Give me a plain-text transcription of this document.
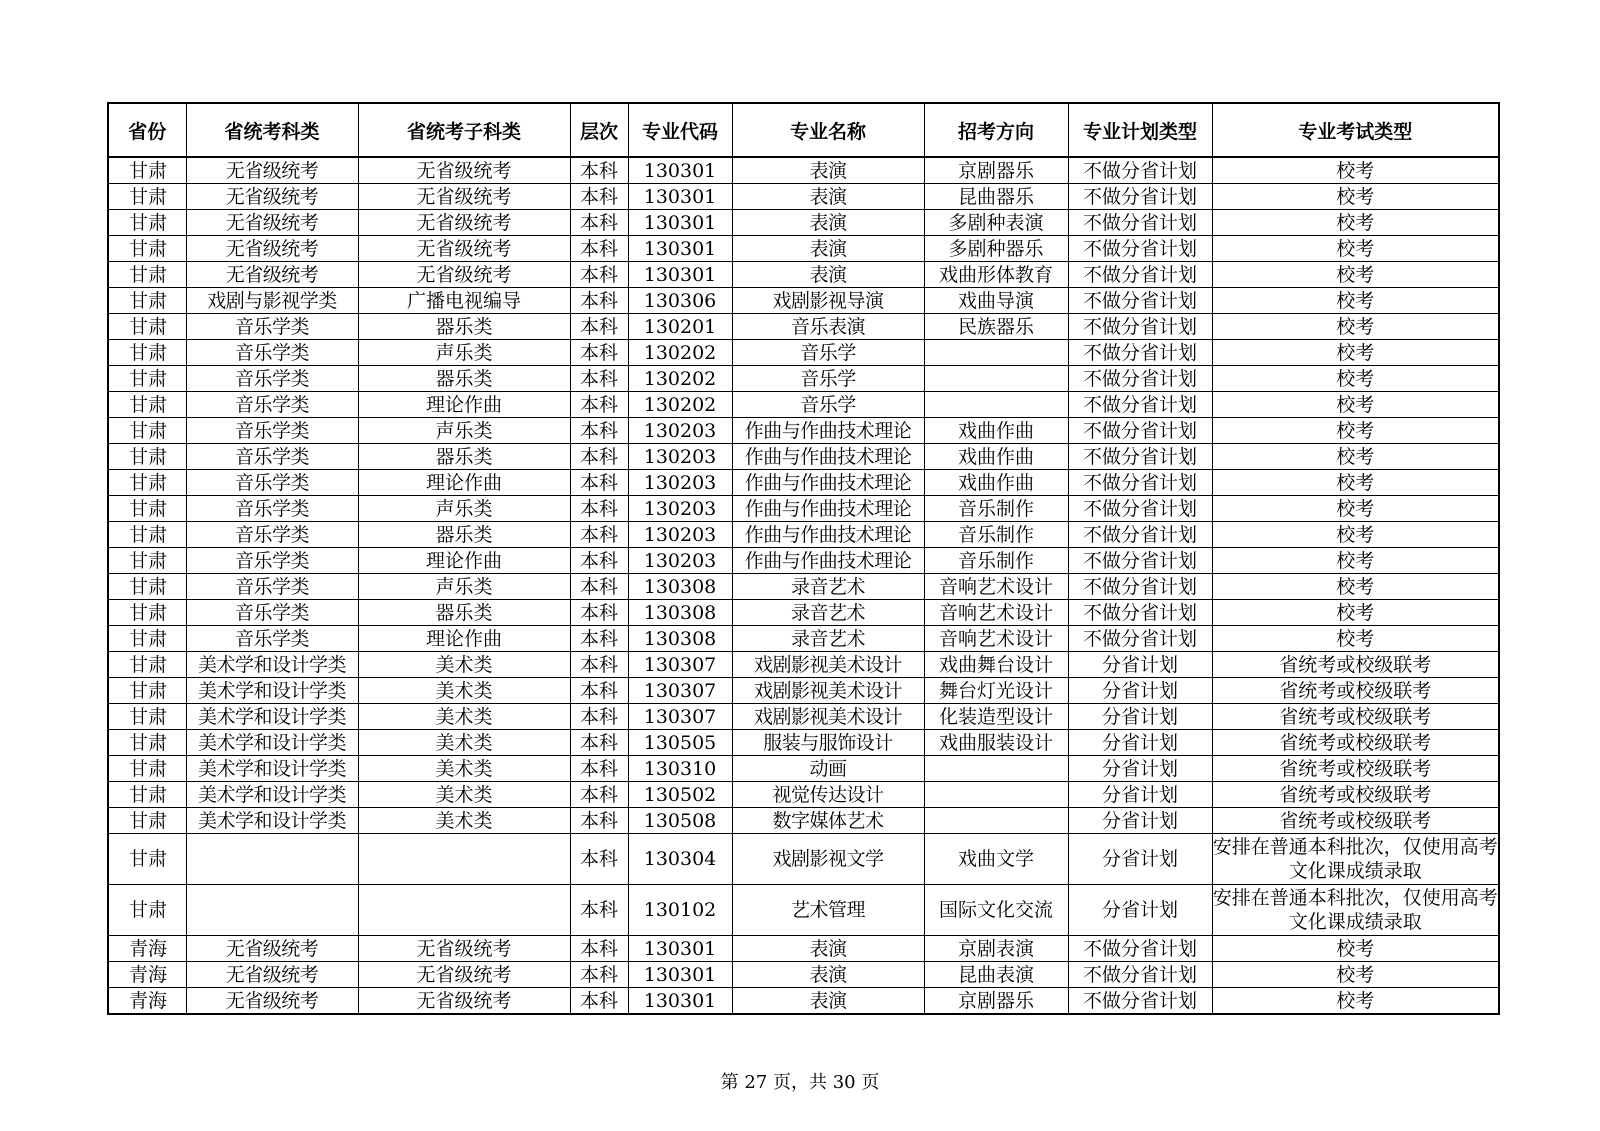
省份	省统考科类	省统考子科类	层次	专业代码	专业名称	招考方向	专业计划类型	专业考试类型
甘肃	无省级统考	无省级统考	本科	130301	表演	京剧器乐	不做分省计划	校考
甘肃	无省级统考	无省级统考	本科	130301	表演	昆曲器乐	不做分省计划	校考
甘肃	无省级统考	无省级统考	本科	130301	表演	多剧种表演	不做分省计划	校考
甘肃	无省级统考	无省级统考	本科	130301	表演	多剧种器乐	不做分省计划	校考
甘肃	无省级统考	无省级统考	本科	130301	表演	戏曲形体教育	不做分省计划	校考
甘肃	戏剧与影视学类	广播电视编导	本科	130306	戏剧影视导演	戏曲导演	不做分省计划	校考
甘肃	音乐学类	器乐类	本科	130201	音乐表演	民族器乐	不做分省计划	校考
甘肃	音乐学类	声乐类	本科	130202	音乐学		不做分省计划	校考
甘肃	音乐学类	器乐类	本科	130202	音乐学		不做分省计划	校考
甘肃	音乐学类	理论作曲	本科	130202	音乐学		不做分省计划	校考
甘肃	音乐学类	声乐类	本科	130203	作曲与作曲技术理论	戏曲作曲	不做分省计划	校考
甘肃	音乐学类	器乐类	本科	130203	作曲与作曲技术理论	戏曲作曲	不做分省计划	校考
甘肃	音乐学类	理论作曲	本科	130203	作曲与作曲技术理论	戏曲作曲	不做分省计划	校考
甘肃	音乐学类	声乐类	本科	130203	作曲与作曲技术理论	音乐制作	不做分省计划	校考
甘肃	音乐学类	器乐类	本科	130203	作曲与作曲技术理论	音乐制作	不做分省计划	校考
甘肃	音乐学类	理论作曲	本科	130203	作曲与作曲技术理论	音乐制作	不做分省计划	校考
甘肃	音乐学类	声乐类	本科	130308	录音艺术	音响艺术设计	不做分省计划	校考
甘肃	音乐学类	器乐类	本科	130308	录音艺术	音响艺术设计	不做分省计划	校考
甘肃	音乐学类	理论作曲	本科	130308	录音艺术	音响艺术设计	不做分省计划	校考
甘肃	美术学和设计学类	美术类	本科	130307	戏剧影视美术设计	戏曲舞台设计	分省计划	省统考或校级联考
甘肃	美术学和设计学类	美术类	本科	130307	戏剧影视美术设计	舞台灯光设计	分省计划	省统考或校级联考
甘肃	美术学和设计学类	美术类	本科	130307	戏剧影视美术设计	化装造型设计	分省计划	省统考或校级联考
甘肃	美术学和设计学类	美术类	本科	130505	服装与服饰设计	戏曲服装设计	分省计划	省统考或校级联考
甘肃	美术学和设计学类	美术类	本科	130310	动画		分省计划	省统考或校级联考
甘肃	美术学和设计学类	美术类	本科	130502	视觉传达设计		分省计划	省统考或校级联考
甘肃	美术学和设计学类	美术类	本科	130508	数字媒体艺术		分省计划	省统考或校级联考
甘肃			本科	130304	戏剧影视文学	戏曲文学	分省计划	安排在普通本科批次，仅使用高考文化课成绩录取
甘肃			本科	130102	艺术管理	国际文化交流	分省计划	安排在普通本科批次，仅使用高考文化课成绩录取
青海	无省级统考	无省级统考	本科	130301	表演	京剧表演	不做分省计划	校考
青海	无省级统考	无省级统考	本科	130301	表演	昆曲表演	不做分省计划	校考
青海	无省级统考	无省级统考	本科	130301	表演	京剧器乐	不做分省计划	校考
第 27 页，共 30 页
